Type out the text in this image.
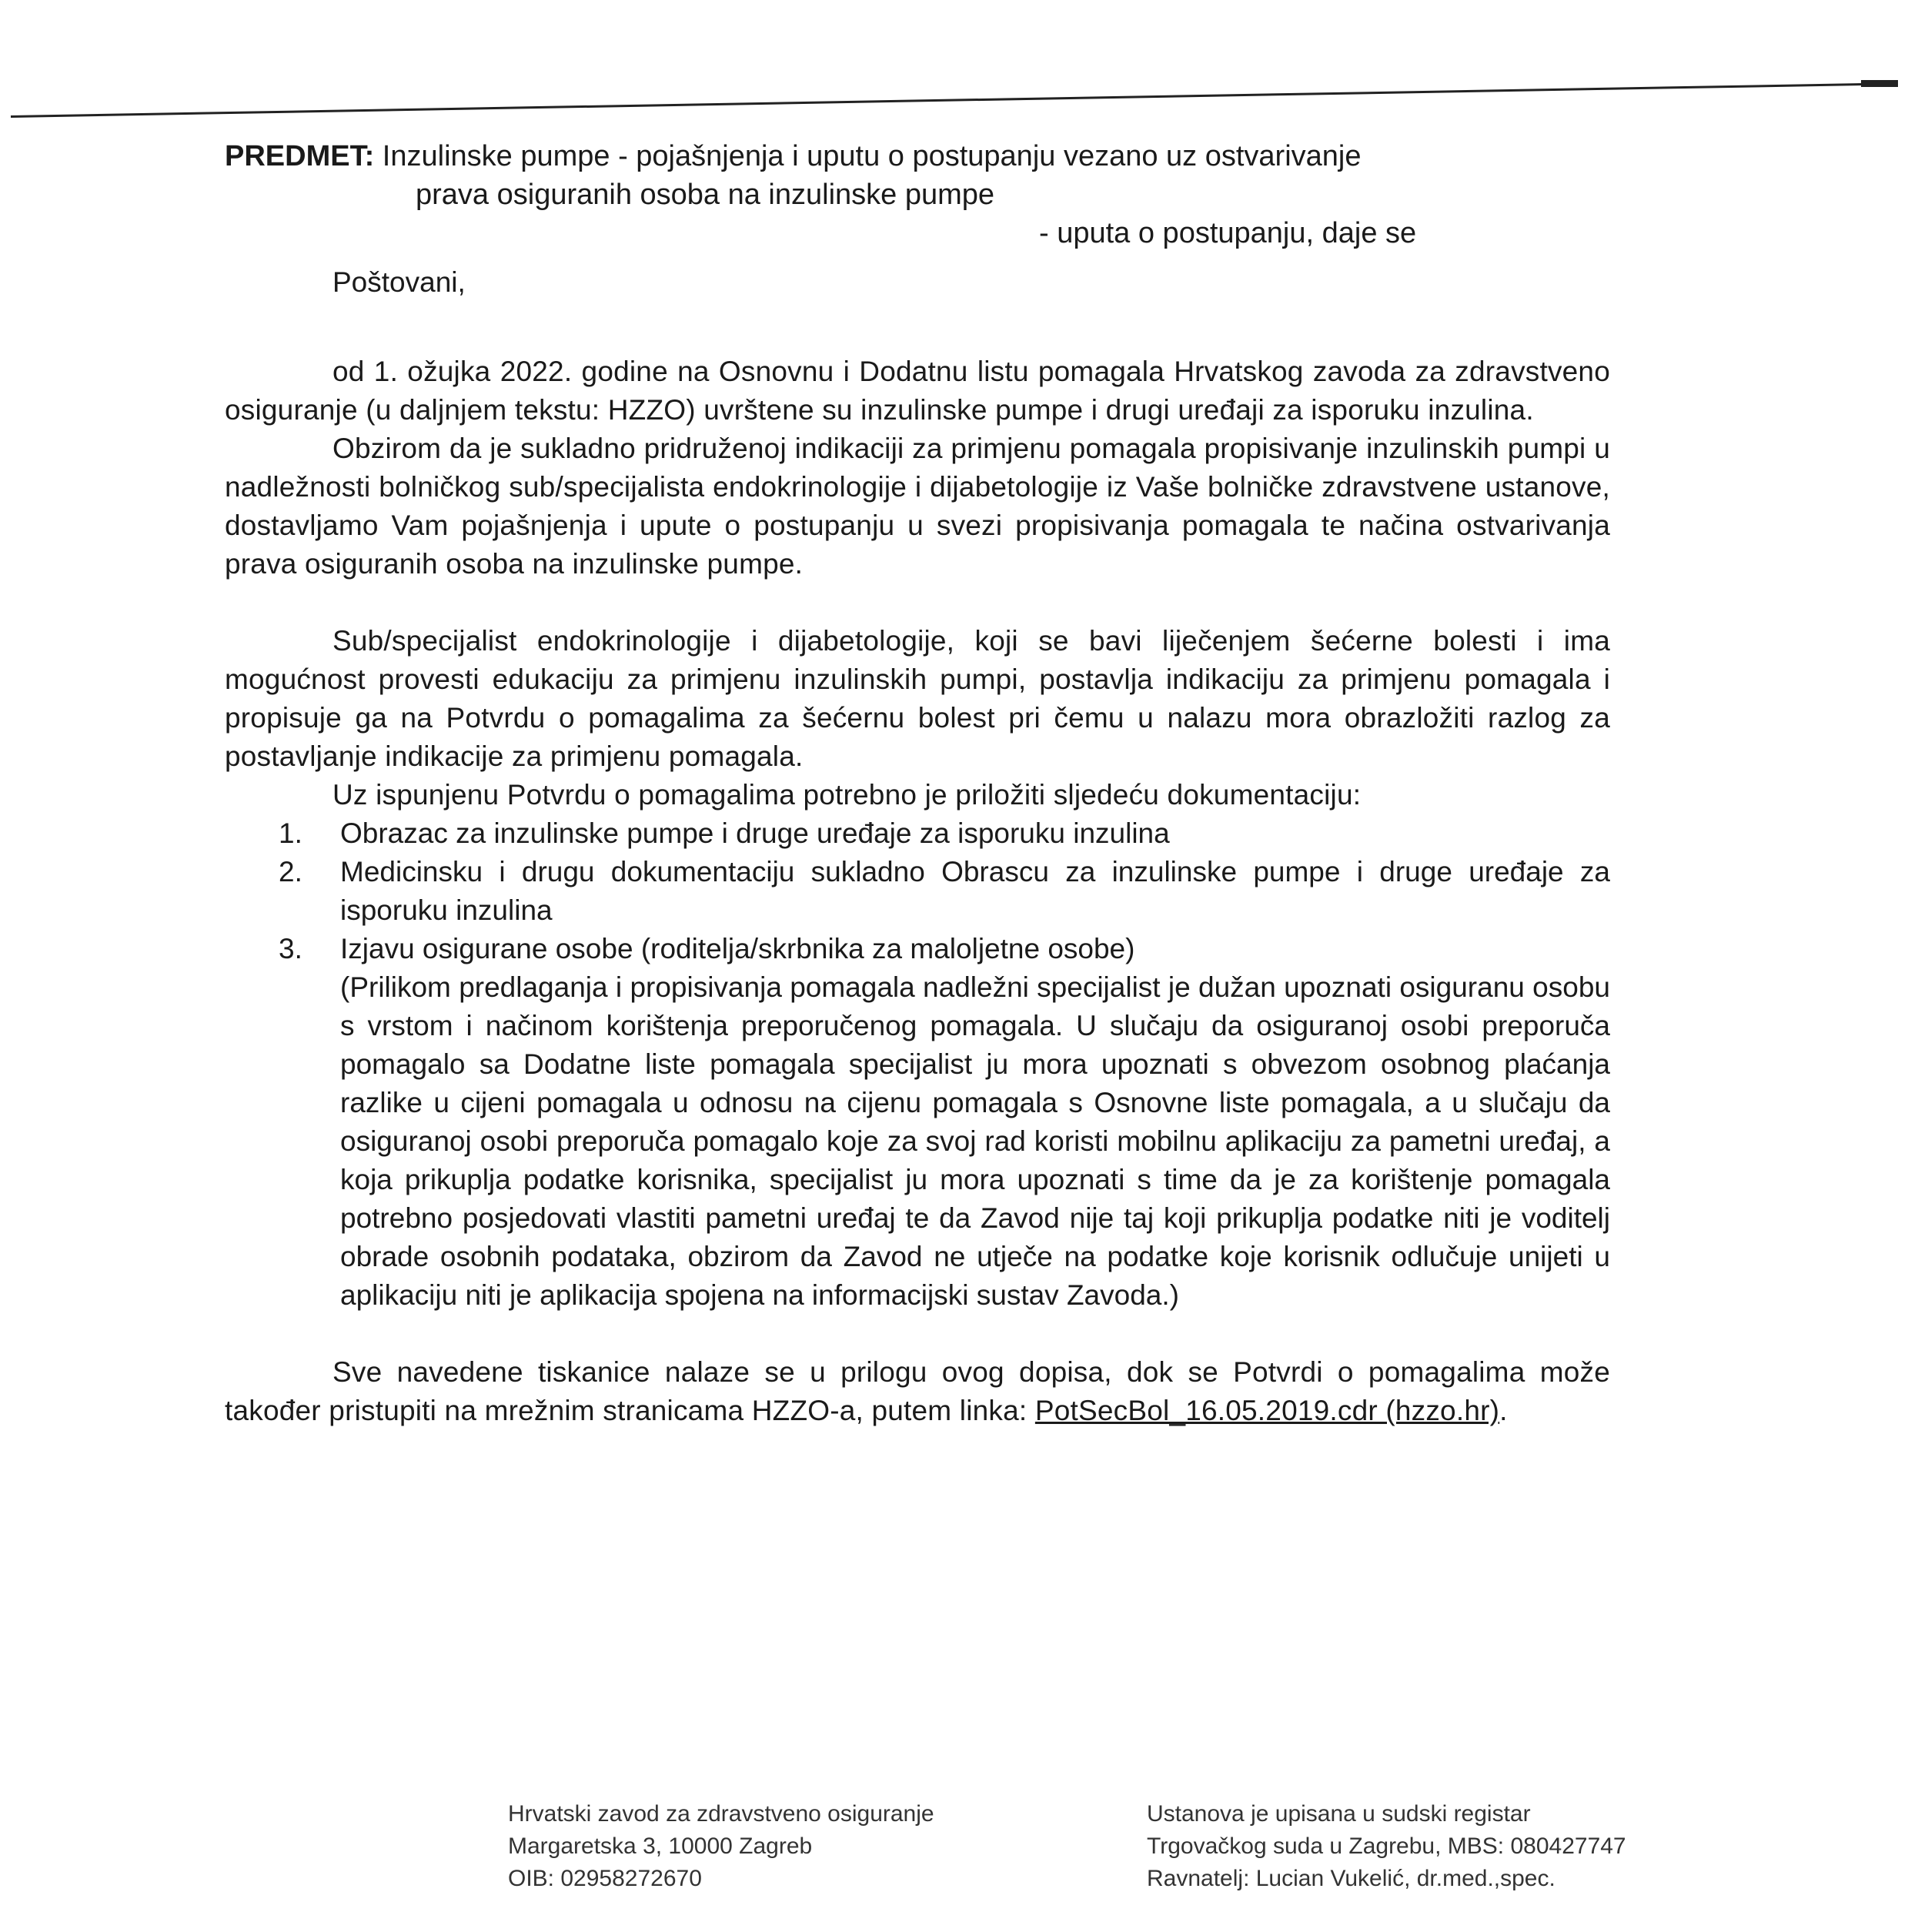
PREDMET: Inzulinske pumpe - pojašnjenja i uputu o postupanju vezano uz ostvarivanje
prava osiguranih osoba na inzulinske pumpe
- uputa o postupanju, daje se
Poštovani,

od 1. ožujka 2022. godine na Osnovnu i Dodatnu listu pomagala Hrvatskog zavoda za zdravstveno osiguranje (u daljnjem tekstu: HZZO) uvrštene su inzulinske pumpe i drugi uređaji za isporuku inzulina.

Obzirom da je sukladno pridruženoj indikaciji za primjenu pomagala propisivanje inzulinskih pumpi u nadležnosti bolničkog sub/specijalista endokrinologije i dijabetologije iz Vaše bolničke zdravstvene ustanove, dostavljamo Vam pojašnjenja i upute o postupanju u svezi propisivanja pomagala te načina ostvarivanja prava osiguranih osoba na inzulinske pumpe.

Sub/specijalist endokrinologije i dijabetologije, koji se bavi liječenjem šećerne bolesti i ima mogućnost provesti edukaciju za primjenu inzulinskih pumpi, postavlja indikaciju za primjenu pomagala i propisuje ga na Potvrdu o pomagalima za šećernu bolest pri čemu u nalazu mora obrazložiti razlog za postavljanje indikacije za primjenu pomagala.

Uz ispunjenu Potvrdu o pomagalima potrebno je priložiti sljedeću dokumentaciju:

1. Obrazac za inzulinske pumpe i druge uređaje za isporuku inzulina
2. Medicinsku i drugu dokumentaciju sukladno Obrascu za inzulinske pumpe i druge uređaje za isporuku inzulina
3. Izjavu osigurane osobe (roditelja/skrbnika za maloljetne osobe)
(Prilikom predlaganja i propisivanja pomagala nadležni specijalist je dužan upoznati osiguranu osobu s vrstom i načinom korištenja preporučenog pomagala. U slučaju da osiguranoj osobi preporuča pomagalo sa Dodatne liste pomagala specijalist ju mora upoznati s obvezom osobnog plaćanja razlike u cijeni pomagala u odnosu na cijenu pomagala s Osnovne liste pomagala, a u slučaju da osiguranoj osobi preporuča pomagalo koje za svoj rad koristi mobilnu aplikaciju za pametni uređaj, a koja prikuplja podatke korisnika, specijalist ju mora upoznati s time da je za korištenje pomagala potrebno posjedovati vlastiti pametni uređaj te da Zavod nije taj koji prikuplja podatke niti je voditelj obrade osobnih podataka, obzirom da Zavod ne utječe na podatke koje korisnik odlučuje unijeti u aplikaciju niti je aplikacija spojena na informacijski sustav Zavoda.)

Sve navedene tiskanice nalaze se u prilogu ovog dopisa, dok se Potvrdi o pomagalima može također pristupiti na mrežnim stranicama HZZO-a, putem linka: PotSecBol_16.05.2019.cdr (hzzo.hr).

Hrvatski zavod za zdravstveno osiguranje
Margaretska 3, 10000 Zagreb
OIB: 02958272670
Ustanova je upisana u sudski registar
Trgovačkog suda u Zagrebu, MBS: 080427747
Ravnatelj: Lucian Vukelić, dr.med.,spec.
